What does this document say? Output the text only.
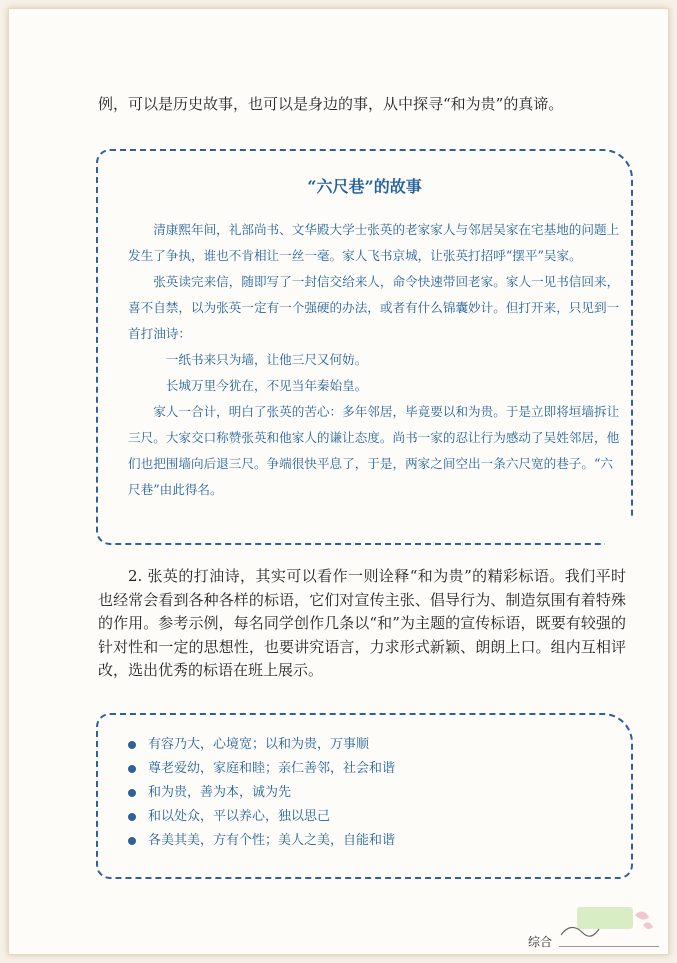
例，可以是历史故事，也可以是身边的事，从中探寻“和为贵”的真谛。
“六尺巷”的故事

清康熙年间，礼部尚书、文华殿大学士张英的老家家人与邻居吴家在宅基地的问题上发生了争执，谁也不肯相让一丝一毫。家人飞书京城，让张英打招呼“摆平”吴家。

张英读完来信，随即写了一封信交给来人，命令快速带回老家。家人一见书信回来，喜不自禁，以为张英一定有一个强硬的办法，或者有什么锦囊妙计。但打开来，只见到一首打油诗：

一纸书来只为墙，让他三尺又何妨。

长城万里今犹在，不见当年秦始皇。

家人一合计，明白了张英的苦心：多年邻居，毕竟要以和为贵。于是立即将垣墙拆让三尺。大家交口称赞张英和他家人的谦让态度。尚书一家的忍让行为感动了吴姓邻居，他们也把围墙向后退三尺。争端很快平息了，于是，两家之间空出一条六尺宽的巷子。“六尺巷”由此得名。

2. 张英的打油诗，其实可以看作一则诠释“和为贵”的精彩标语。我们平时也经常会看到各种各样的标语，它们对宣传主张、倡导行为、制造氛围有着特殊的作用。参考示例，每名同学创作几条以“和”为主题的宣传标语，既要有较强的针对性和一定的思想性，也要讲究语言，力求形式新颖、朗朗上口。组内互相评改，选出优秀的标语在班上展示。

有容乃大，心境宽；以和为贵，万事顺
尊老爱幼，家庭和睦；亲仁善邻，社会和谐
和为贵，善为本，诚为先
和以处众，平以养心，独以思己
各美其美，方有个性；美人之美，自能和谐
综合
